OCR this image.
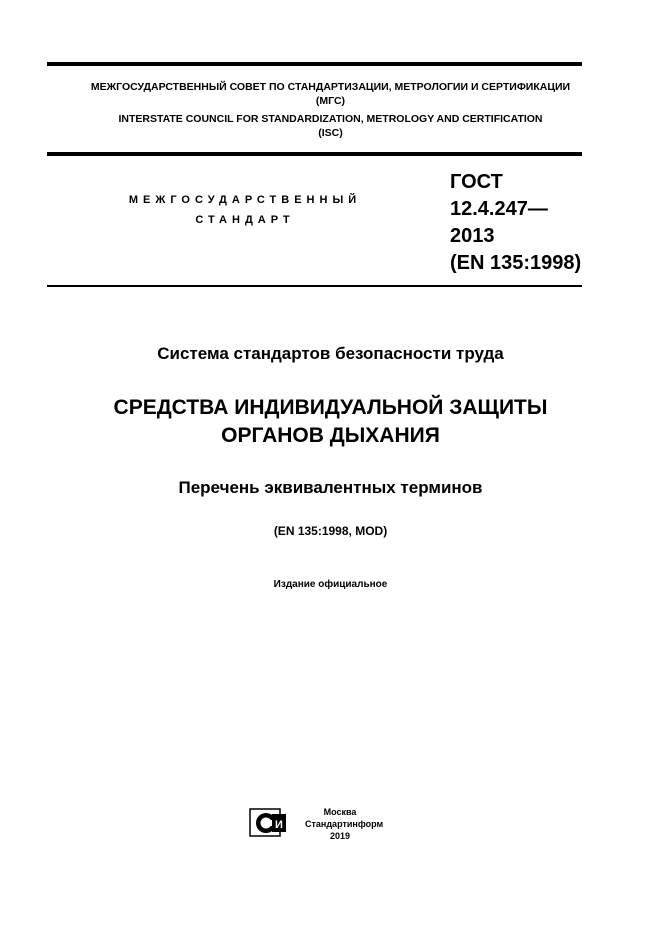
МЕЖГОСУДАРСТВЕННЫЙ СОВЕТ ПО СТАНДАРТИЗАЦИИ, МЕТРОЛОГИИ И СЕРТИФИКАЦИИ
(МГС)
INTERSTATE COUNCIL FOR STANDARDIZATION, METROLOGY AND CERTIFICATION
(ISC)
МЕЖГОСУДАРСТВЕННЫЙ
СТАНДАРТ
ГОСТ
12.4.247—
2013
(EN 135:1998)
Система стандартов безопасности труда
СРЕДСТВА ИНДИВИДУАЛЬНОЙ ЗАЩИТЫ
ОРГАНОВ ДЫХАНИЯ
Перечень эквивалентных терминов
(EN 135:1998, MOD)
Издание официальное
И
Москва
Стандартинформ
2019
